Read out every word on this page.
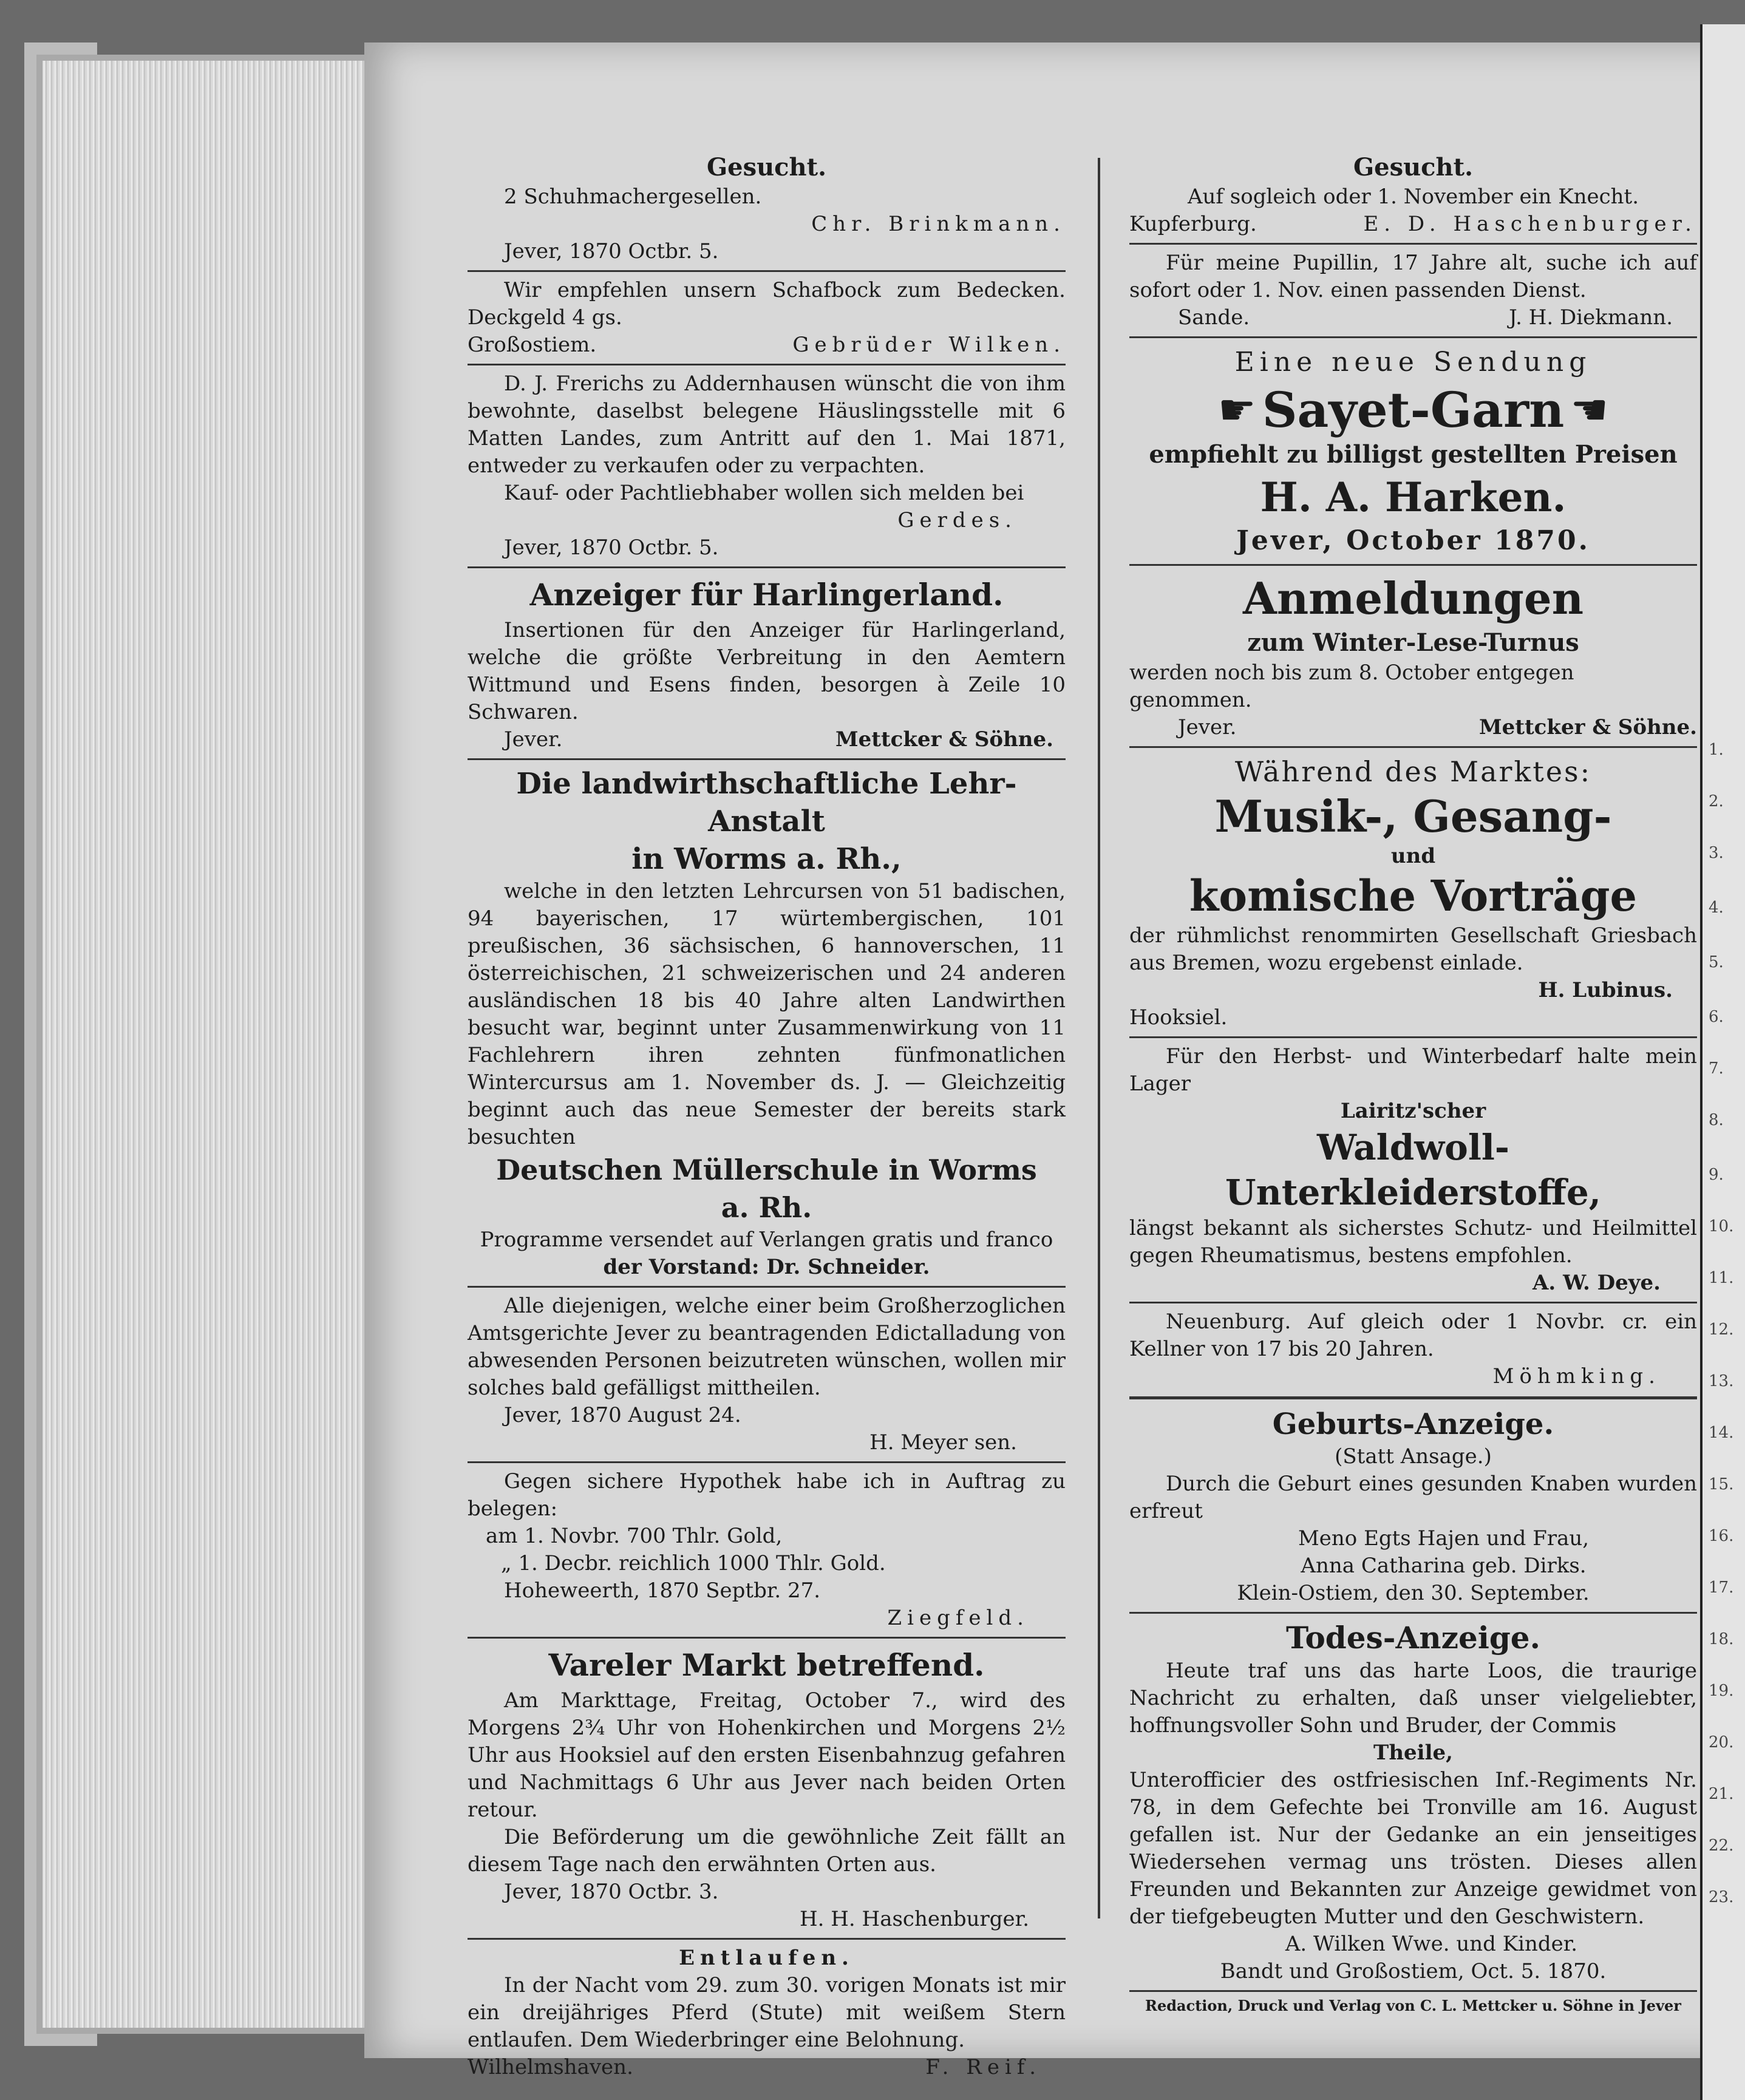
1.
2.
3.
4.
5.
6.
7.
8.
9.
10.
11.
12.
13.
14.
15.
16.
17.
18.
19.
20.
21.
22.
23.

Gesucht.

2 Schuhmachergesellen.

Chr. Brinkmann.

Jever, 1870 Octbr. 5.

Wir empfehlen unsern Schafbock zum Bedecken. Deckgeld 4 gs.

Großostiem.	Gebrüder Wilken.

D. J. Frerichs zu Addernhausen wünscht die von ihm bewohnte, daselbst belegene Häuslingsstelle mit 6 Matten Landes, zum Antritt auf den 1. Mai 1871, entweder zu verkaufen oder zu verpachten.

Kauf- oder Pachtliebhaber wollen sich melden bei

Gerdes.

Jever, 1870 Octbr. 5.

Anzeiger für Harlingerland.

Insertionen für den Anzeiger für Harlingerland, welche die größte Verbreitung in den Aemtern Wittmund und Esens finden, besorgen à Zeile 10 Schwaren.

Jever.	Mettcker & Söhne.

Die landwirthschaftliche Lehr-Anstalt

in Worms a. Rh.,

welche in den letzten Lehrcursen von 51 badischen, 94 bayerischen, 17 würtembergischen, 101 preußischen, 36 sächsischen, 6 hannoverschen, 11 österreichischen, 21 schweizerischen und 24 anderen ausländischen 18 bis 40 Jahre alten Landwirthen besucht war, beginnt unter Zusammenwirkung von 11 Fachlehrern ihren zehnten fünfmonatlichen Wintercursus am 1. November ds. J. — Gleichzeitig beginnt auch das neue Semester der bereits stark besuchten

Deutschen Müllerschule in Worms

a. Rh.

Programme versendet auf Verlangen gratis und franco

der Vorstand: Dr. Schneider.

Alle diejenigen, welche einer beim Großherzoglichen Amtsgerichte Jever zu beantragenden Edictalladung von abwesenden Personen beizutreten wünschen, wollen mir solches bald gefälligst mittheilen.

Jever, 1870 August 24.

H. Meyer sen.

Gegen sichere Hypothek habe ich in Auftrag zu belegen:

am 1. Novbr. 700 Thlr. Gold,

„ 1. Decbr. reichlich 1000 Thlr. Gold.

Hoheweerth, 1870 Septbr. 27.

Ziegfeld.

Vareler Markt betreffend.

Am Markttage, Freitag, October 7., wird des Morgens 2¾ Uhr von Hohenkirchen und Morgens 2½ Uhr aus Hooksiel auf den ersten Eisenbahnzug gefahren und Nachmittags 6 Uhr aus Jever nach beiden Orten retour.

Die Beförderung um die gewöhnliche Zeit fällt an diesem Tage nach den erwähnten Orten aus.

Jever, 1870 Octbr. 3.

H. H. Haschenburger.

Entlaufen.

In der Nacht vom 29. zum 30. vorigen Monats ist mir ein dreijähriges Pferd (Stute) mit weißem Stern entlaufen. Dem Wiederbringer eine Belohnung.

Wilhelmshaven.	F. Reif.

Gesucht.

Auf sogleich oder 1. November ein Knecht.

Kupferburg.	E. D. Haschenburger.

Für meine Pupillin, 17 Jahre alt, suche ich auf sofort oder 1. Nov. einen passenden Dienst.

Sande.	J. H. Diekmann.

Eine neue Sendung

☛ Sayet-Garn ☚

empfiehlt zu billigst gestellten Preisen

H. A. Harken.

Jever, October 1870.

Anmeldungen

zum Winter-Lese-Turnus

werden noch bis zum 8. October entgegen genommen.

Jever.	Mettcker & Söhne.

Während des Marktes:

Musik-, Gesang-

und

komische Vorträge

der rühmlichst renommirten Gesellschaft Griesbach aus Bremen, wozu ergebenst einlade.

H. Lubinus.

Hooksiel.

Für den Herbst- und Winterbedarf halte mein Lager

Lairitz'scher

Waldwoll-Unterkleiderstoffe,

längst bekannt als sicherstes Schutz- und Heilmittel gegen Rheumatismus, bestens empfohlen.

A. W. Deye.

Neuenburg. Auf gleich oder 1 Novbr. cr. ein Kellner von 17 bis 20 Jahren.

Möhmking.

Geburts-Anzeige.

(Statt Ansage.)

Durch die Geburt eines gesunden Knaben wurden erfreut

Meno Egts Hajen und Frau,

Anna Catharina geb. Dirks.

Klein-Ostiem, den 30. September.

Todes-Anzeige.

Heute traf uns das harte Loos, die traurige Nachricht zu erhalten, daß unser vielgeliebter, hoffnungsvoller Sohn und Bruder, der Commis

Theile,

Unterofficier des ostfriesischen Inf.-Regiments Nr. 78, in dem Gefechte bei Tronville am 16. August gefallen ist. Nur der Gedanke an ein jenseitiges Wiedersehen vermag uns trösten. Dieses allen Freunden und Bekannten zur Anzeige gewidmet von der tiefgebeugten Mutter und den Geschwistern.

A. Wilken Wwe. und Kinder.

Bandt und Großostiem, Oct. 5. 1870.

Redaction, Druck und Verlag von C. L. Mettcker u. Söhne in Jever
